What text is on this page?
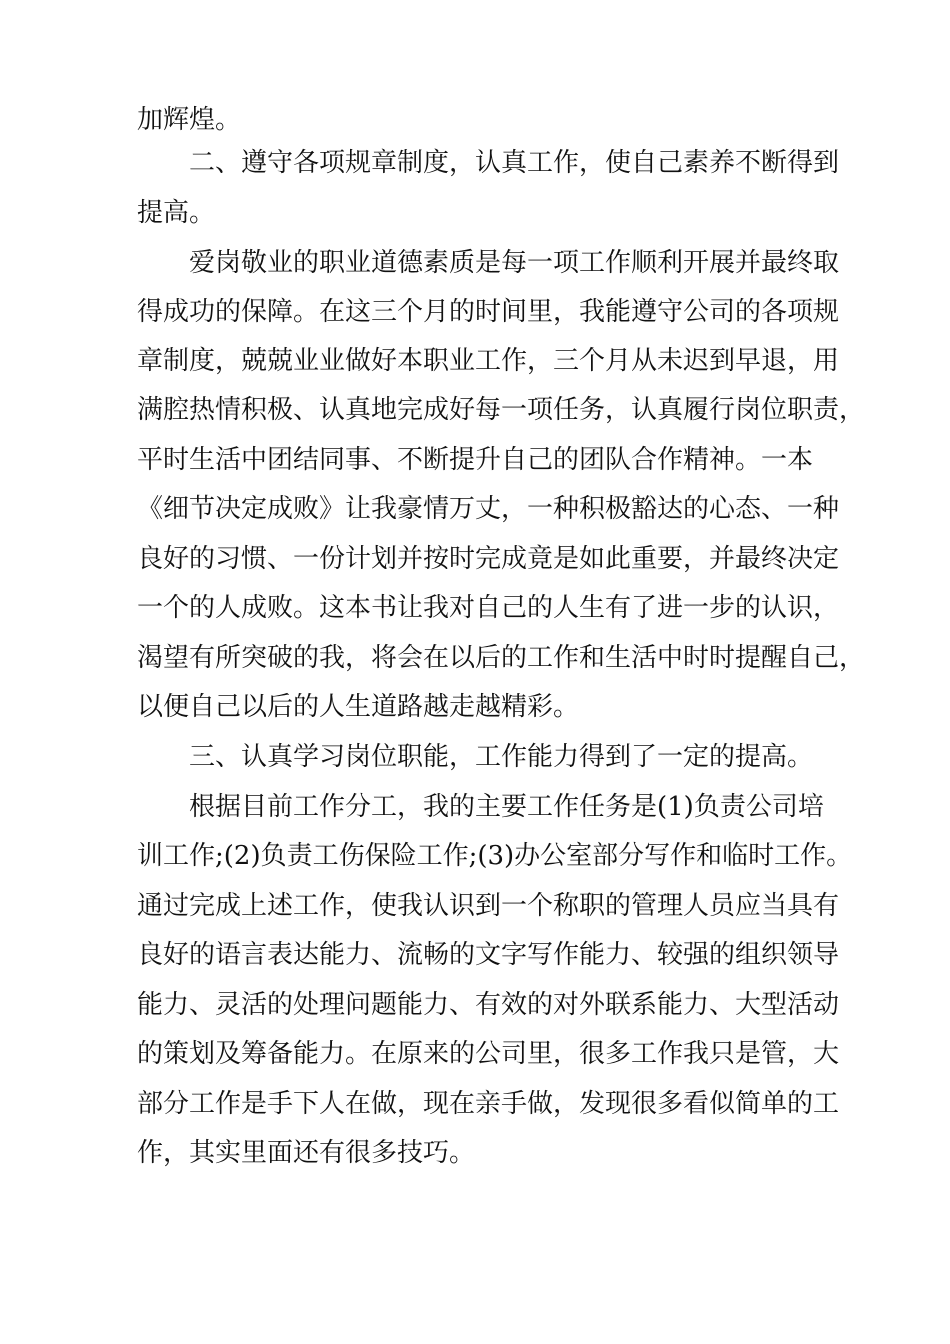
加辉煌。
二、遵守各项规章制度，认真工作，使自己素养不断得到
提高。
爱岗敬业的职业道德素质是每一项工作顺利开展并最终取
得成功的保障。在这三个月的时间里，我能遵守公司的各项规
章制度，兢兢业业做好本职业工作，三个月从未迟到早退，用
满腔热情积极、认真地完成好每一项任务，认真履行岗位职责，
平时生活中团结同事、不断提升自己的团队合作精神。一本
《细节决定成败》让我豪情万丈，一种积极豁达的心态、一种
良好的习惯、一份计划并按时完成竟是如此重要，并最终决定
一个的人成败。这本书让我对自己的人生有了进一步的认识，
渴望有所突破的我，将会在以后的工作和生活中时时提醒自己，
以便自己以后的人生道路越走越精彩。
三、认真学习岗位职能，工作能力得到了一定的提高。
根据目前工作分工，我的主要工作任务是(1)负责公司培
训工作;(2)负责工伤保险工作;(3)办公室部分写作和临时工作。
通过完成上述工作，使我认识到一个称职的管理人员应当具有
良好的语言表达能力、流畅的文字写作能力、较强的组织领导
能力、灵活的处理问题能力、有效的对外联系能力、大型活动
的策划及筹备能力。在原来的公司里，很多工作我只是管，大
部分工作是手下人在做，现在亲手做，发现很多看似简单的工
作，其实里面还有很多技巧。
